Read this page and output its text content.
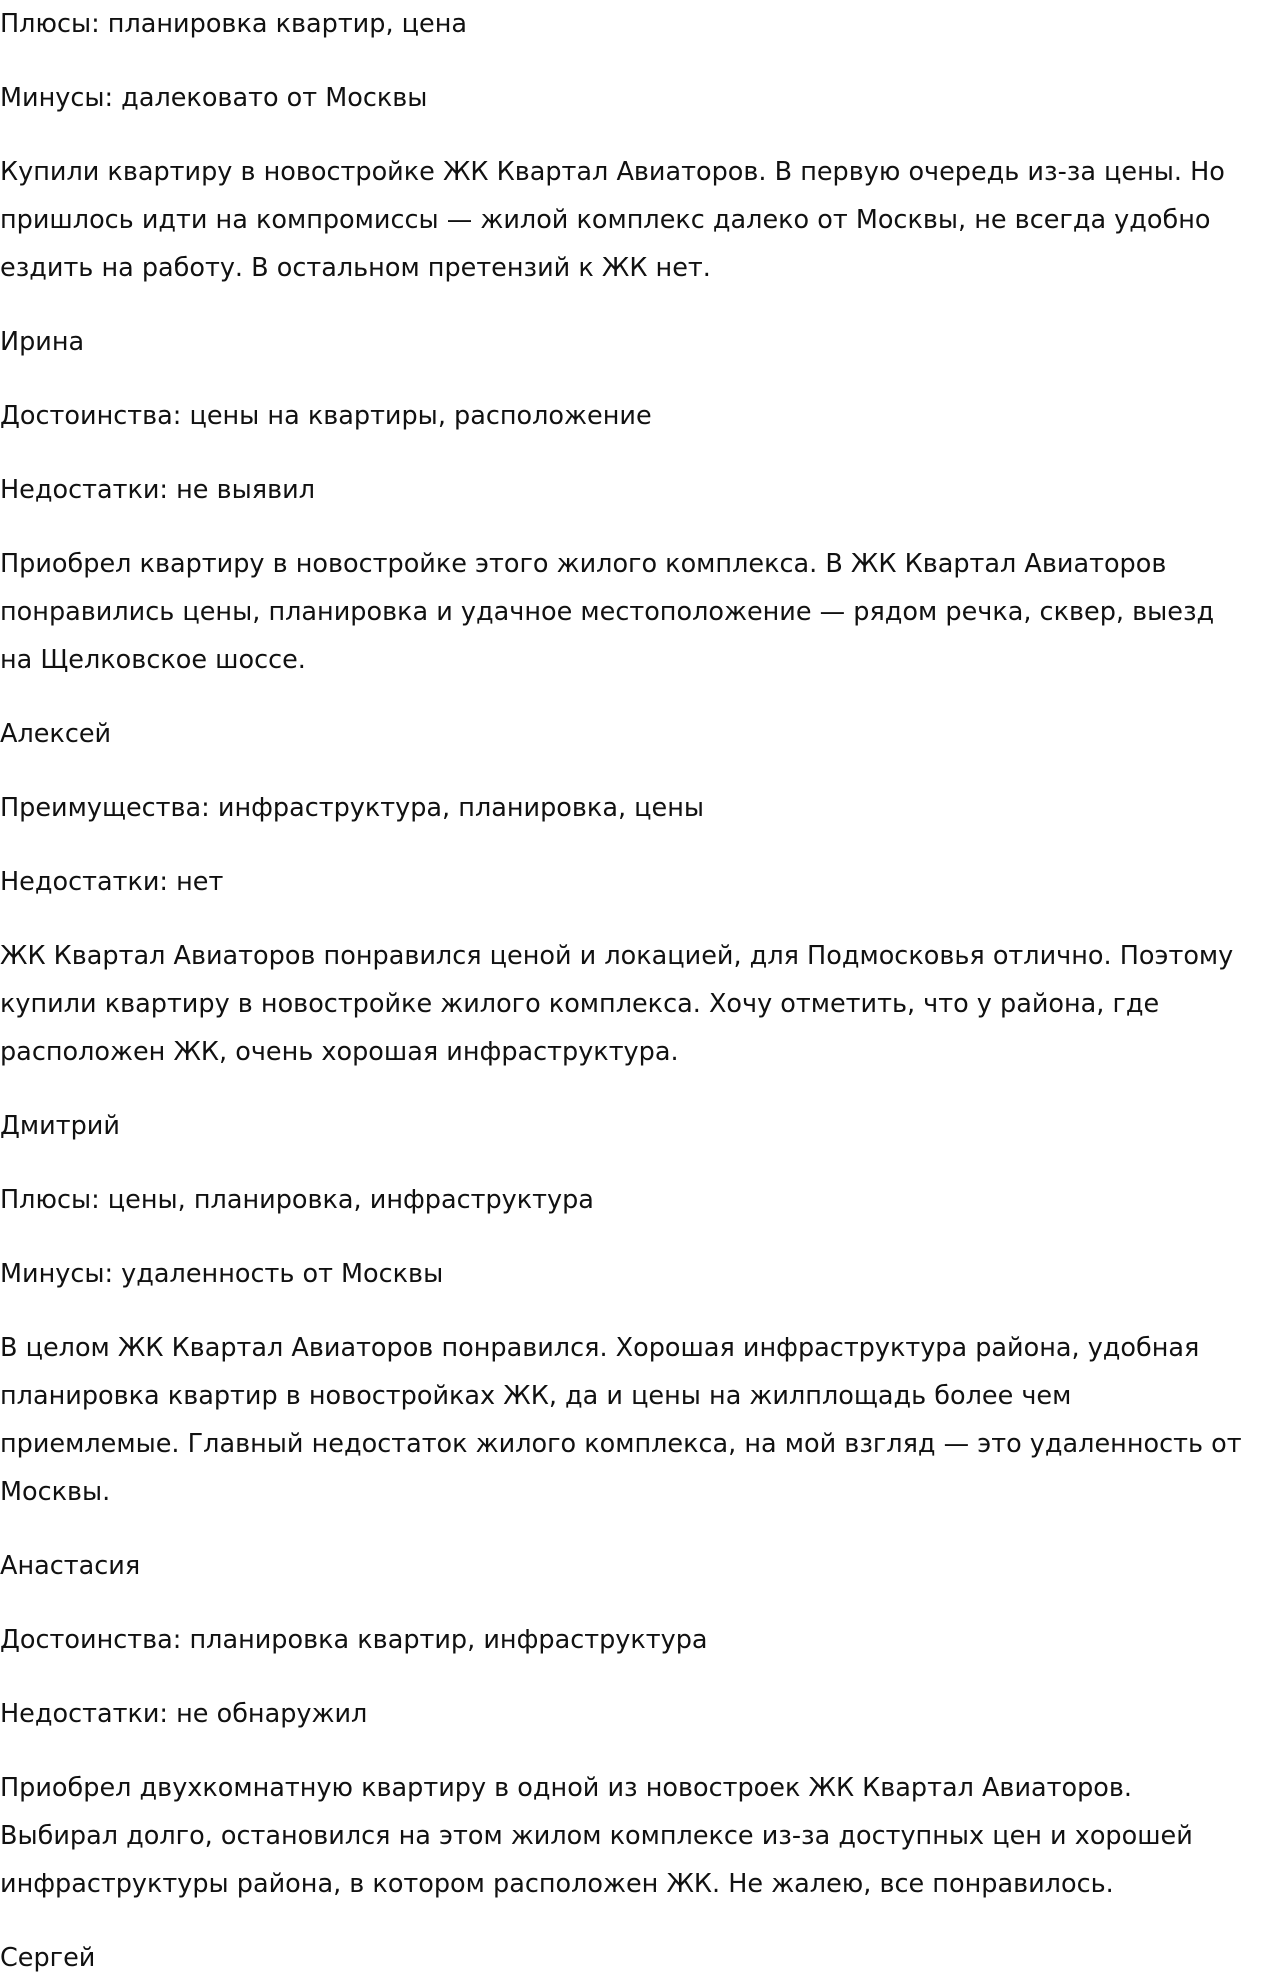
Плюсы: планировка квартир, цена

Минусы: далековато от Москвы

Купили квартиру в новостройке ЖК Квартал Авиаторов. В первую очередь из-за цены. Но
пришлось идти на компромиссы — жилой комплекс далеко от Москвы, не всегда удобно
ездить на работу. В остальном претензий к ЖК нет.

Ирина

Достоинства: цены на квартиры, расположение

Недостатки: не выявил

Приобрел квартиру в новостройке этого жилого комплекса. В ЖК Квартал Авиаторов
понравились цены, планировка и удачное местоположение — рядом речка, сквер, выезд
на Щелковское шоссе.

Алексей

Преимущества: инфраструктура, планировка, цены

Недостатки: нет

ЖК Квартал Авиаторов понравился ценой и локацией, для Подмосковья отлично. Поэтому
купили квартиру в новостройке жилого комплекса. Хочу отметить, что у района, где
расположен ЖК, очень хорошая инфраструктура.

Дмитрий

Плюсы: цены, планировка, инфраструктура

Минусы: удаленность от Москвы

В целом ЖК Квартал Авиаторов понравился. Хорошая инфраструктура района, удобная
планировка квартир в новостройках ЖК, да и цены на жилплощадь более чем
приемлемые. Главный недостаток жилого комплекса, на мой взгляд — это удаленность от
Москвы.

Анастасия

Достоинства: планировка квартир, инфраструктура

Недостатки: не обнаружил

Приобрел двухкомнатную квартиру в одной из новостроек ЖК Квартал Авиаторов.
Выбирал долго, остановился на этом жилом комплексе из-за доступных цен и хорошей
инфраструктуры района, в котором расположен ЖК. Не жалею, все понравилось.

Сергей
